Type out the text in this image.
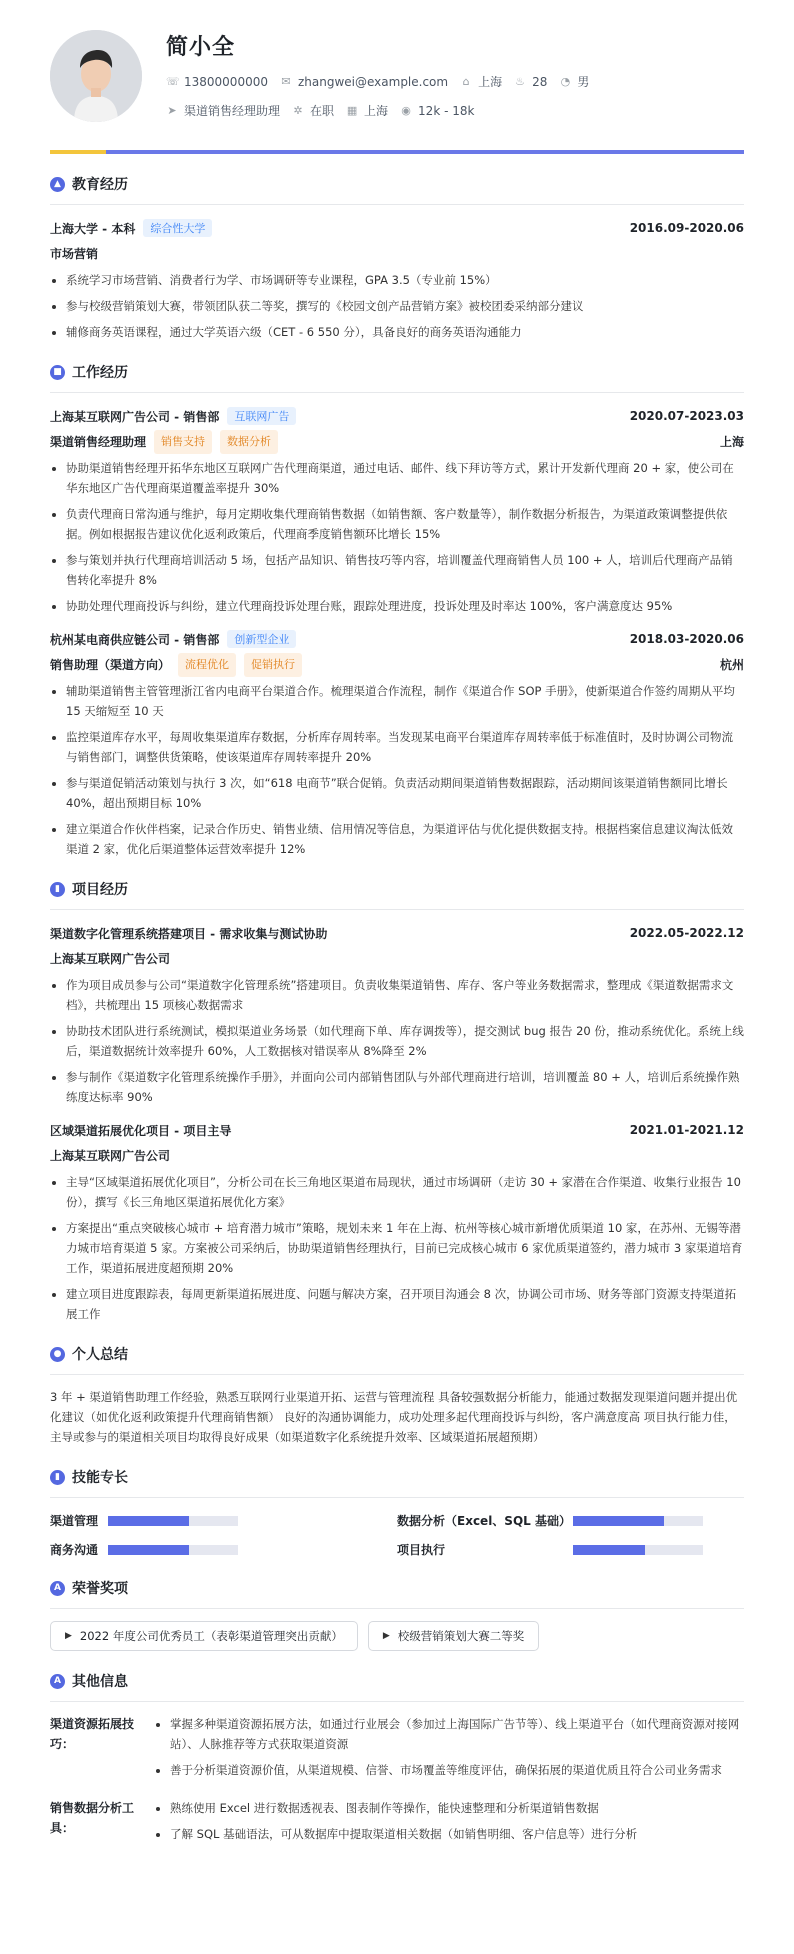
简小全
☏ 13800000000 ✉ zhangwei@example.com ⌂ 上海 ♨ 28 ◔ 男
➤ 渠道销售经理助理 ✲ 在职 ▦ 上海 ◉ 12k - 18k
▲ 教育经历
上海大学 - 本科	综合性大学	2016.09-2020.06
市场营销
• 系统学习市场营销、消费者行为学、市场调研等专业课程，GPA 3.5（专业前 15%）
• 参与校级营销策划大赛，带领团队获二等奖，撰写的《校园文创产品营销方案》被校团委采纳部分建议
• 辅修商务英语课程，通过大学英语六级（CET - 6 550 分），具备良好的商务英语沟通能力
■ 工作经历
上海某互联网广告公司 - 销售部	互联网广告	2020.07-2023.03
渠道销售经理助理	销售支持	数据分析	上海
• 协助渠道销售经理开拓华东地区互联网广告代理商渠道，通过电话、邮件、线下拜访等方式，累计开发新代理商 20 + 家，使公司在华东地区广告代理商渠道覆盖率提升 30%
• 负责代理商日常沟通与维护，每月定期收集代理商销售数据（如销售额、客户数量等），制作数据分析报告，为渠道政策调整提供依据。例如根据报告建议优化返利政策后，代理商季度销售额环比增长 15%
• 参与策划并执行代理商培训活动 5 场，包括产品知识、销售技巧等内容，培训覆盖代理商销售人员 100 + 人，培训后代理商产品销售转化率提升 8%
• 协助处理代理商投诉与纠纷，建立代理商投诉处理台账，跟踪处理进度，投诉处理及时率达 100%，客户满意度达 95%
杭州某电商供应链公司 - 销售部	创新型企业	2018.03-2020.06
销售助理（渠道方向）	流程优化	促销执行	杭州
• 辅助渠道销售主管管理浙江省内电商平台渠道合作。梳理渠道合作流程，制作《渠道合作 SOP 手册》，使新渠道合作签约周期从平均 15 天缩短至 10 天
• 监控渠道库存水平，每周收集渠道库存数据，分析库存周转率。当发现某电商平台渠道库存周转率低于标准值时，及时协调公司物流与销售部门，调整供货策略，使该渠道库存周转率提升 20%
• 参与渠道促销活动策划与执行 3 次，如“618 电商节”联合促销。负责活动期间渠道销售数据跟踪，活动期间该渠道销售额同比增长 40%，超出预期目标 10%
• 建立渠道合作伙伴档案，记录合作历史、销售业绩、信用情况等信息，为渠道评估与优化提供数据支持。根据档案信息建议淘汰低效渠道 2 家，优化后渠道整体运营效率提升 12%
▮ 项目经历
渠道数字化管理系统搭建项目 - 需求收集与测试协助	2022.05-2022.12
上海某互联网广告公司
• 作为项目成员参与公司“渠道数字化管理系统”搭建项目。负责收集渠道销售、库存、客户等业务数据需求，整理成《渠道数据需求文档》，共梳理出 15 项核心数据需求
• 协助技术团队进行系统测试，模拟渠道业务场景（如代理商下单、库存调拨等），提交测试 bug 报告 20 份，推动系统优化。系统上线后，渠道数据统计效率提升 60%，人工数据核对错误率从 8%降至 2%
• 参与制作《渠道数字化管理系统操作手册》，并面向公司内部销售团队与外部代理商进行培训，培训覆盖 80 + 人，培训后系统操作熟练度达标率 90%
区域渠道拓展优化项目 - 项目主导	2021.01-2021.12
上海某互联网广告公司
• 主导“区域渠道拓展优化项目”，分析公司在长三角地区渠道布局现状，通过市场调研（走访 30 + 家潜在合作渠道、收集行业报告 10 份），撰写《长三角地区渠道拓展优化方案》
• 方案提出“重点突破核心城市 + 培育潜力城市”策略，规划未来 1 年在上海、杭州等核心城市新增优质渠道 10 家，在苏州、无锡等潜力城市培育渠道 5 家。方案被公司采纳后，协助渠道销售经理执行，目前已完成核心城市 6 家优质渠道签约，潜力城市 3 家渠道培育工作，渠道拓展进度超预期 20%
• 建立项目进度跟踪表，每周更新渠道拓展进度、问题与解决方案，召开项目沟通会 8 次，协调公司市场、财务等部门资源支持渠道拓展工作
● 个人总结
3 年 + 渠道销售助理工作经验，熟悉互联网行业渠道开拓、运营与管理流程 具备较强数据分析能力，能通过数据发现渠道问题并提出优化建议（如优化返利政策提升代理商销售额） 良好的沟通协调能力，成功处理多起代理商投诉与纠纷，客户满意度高 项目执行能力佳，主导或参与的渠道相关项目均取得良好成果（如渠道数字化系统提升效率、区域渠道拓展超预期）
▮ 技能专长
渠道管理	数据分析（Excel、SQL 基础）
商务沟通	项目执行
A 荣誉奖项
▶ 2022 年度公司优秀员工（表彰渠道管理突出贡献）	▶ 校级营销策划大赛二等奖
A 其他信息
渠道资源拓展技巧：
• 掌握多种渠道资源拓展方法，如通过行业展会（参加过上海国际广告节等）、线上渠道平台（如代理商资源对接网站）、人脉推荐等方式获取渠道资源
• 善于分析渠道资源价值，从渠道规模、信誉、市场覆盖等维度评估，确保拓展的渠道优质且符合公司业务需求
销售数据分析工具：
• 熟练使用 Excel 进行数据透视表、图表制作等操作，能快速整理和分析渠道销售数据
• 了解 SQL 基础语法，可从数据库中提取渠道相关数据（如销售明细、客户信息等）进行分析
